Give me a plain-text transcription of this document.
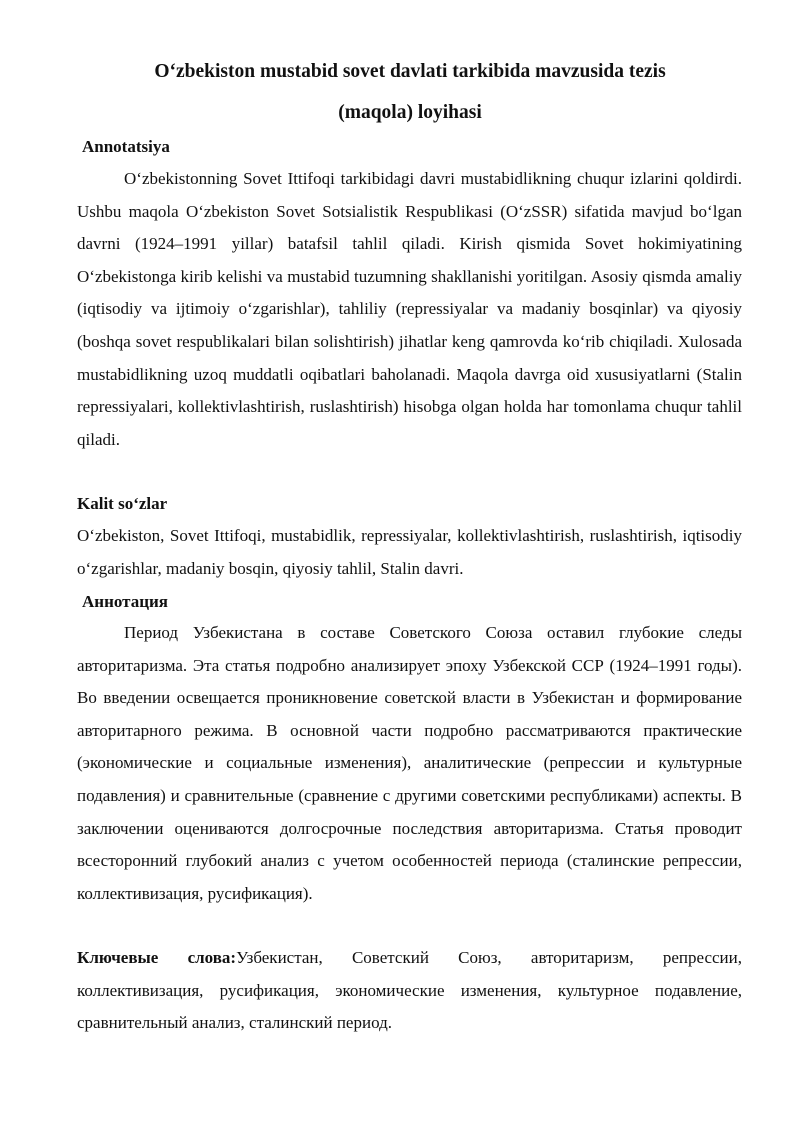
O‘zbekiston mustabid sovet davlati tarkibida mavzusida tezis
(maqola) loyihasi
Annotatsiya

O‘zbekistonning Sovet Ittifoqi tarkibidagi davri mustabidlikning chuqur izlarini qoldirdi. Ushbu maqola O‘zbekiston Sovet Sotsialistik Respublikasi (O‘zSSR) sifatida mavjud bo‘lgan davrni (1924–1991 yillar) batafsil tahlil qiladi. Kirish qismida Sovet hokimiyatining O‘zbekistonga kirib kelishi va mustabid tuzumning shakllanishi yoritilgan. Asosiy qismda amaliy (iqtisodiy va ijtimoiy o‘zgarishlar), tahliliy (repressiyalar va madaniy bosqinlar) va qiyosiy (boshqa sovet respublikalari bilan solishtirish) jihatlar keng qamrovda ko‘rib chiqiladi. Xulosada mustabidlikning uzoq muddatli oqibatlari baholanadi. Maqola davrga oid xususiyatlarni (Stalin repressiyalari, kollektivlashtirish, ruslashtirish) hisobga olgan holda har tomonlama chuqur tahlil qiladi.

Kalit so‘zlar

O‘zbekiston, Sovet Ittifoqi, mustabidlik, repressiyalar, kollektivlashtirish, ruslashtirish, iqtisodiy o‘zgarishlar, madaniy bosqin, qiyosiy tahlil, Stalin davri.

Аннотация

Период Узбекистана в составе Советского Союза оставил глубокие следы авторитаризма. Эта статья подробно анализирует эпоху Узбекской ССР (1924–1991 годы). Во введении освещается проникновение советской власти в Узбекистан и формирование авторитарного режима. В основной части подробно рассматриваются практические (экономические и социальные изменения), аналитические (репрессии и культурные подавления) и сравнительные (сравнение с другими советскими республиками) аспекты. В заключении оцениваются долгосрочные последствия авторитаризма. Статья проводит всесторонний глубокий анализ с учетом особенностей периода (сталинские репрессии, коллективизация, русификация).

Ключевые слова:Узбекистан, Советский Союз, авторитаризм, репрессии, коллективизация, русификация, экономические изменения, культурное подавление, сравнительный анализ, сталинский период.
